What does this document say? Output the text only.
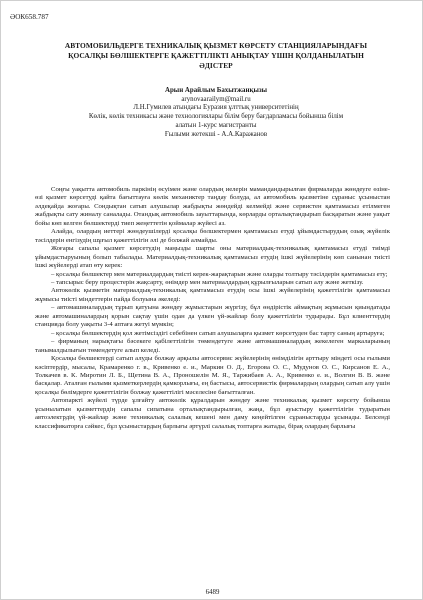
ӘОК658.787
АВТОМОБИЛЬДЕРГЕ ТЕХНИКАЛЫҚ ҚЫЗМЕТ КӨРСЕТУ СТАНЦИЯЛАРЫНДАҒЫ ҚОСАЛҚЫ БӨЛШЕКТЕРГЕ ҚАЖЕТТІЛІКТІ АНЫҚТАУ ҮШІН ҚОЛДАНЫЛАТЫН ӘДІСТЕР
Арын Арайлым Бахытжанқызы
arynovaarailym@mail.ru
Л.Н.Гумилев атындағы Еуразия ұлттық университетінің
Көлік, көлік техникасы және технологиялары білім беру бағдарламасы бойынша білім
алатын 1-курс магистранты
Ғылыми жетекші - А.А.Каражанов

Соңғы уақытта автомобиль паркінің өсуімен және олардың иелерін мамандандырылған фирмаларда жөндеуге өзіне-өзі қызмет көрсетуді қайта бағыттауға көлік механиктер таңдау болуда, ал автомобиль қызметіне сұраныс ұсыныстан әлдеқайда жоғары. Сондықтан сатып алушылар жабдықты жөндейді келмейді және сервистен қамтамасыз етілмеген жабдықты сату жиналу саналады. Отандық автомобиль зауыттарында, көрларды орталықтандырып басқаратын және уақыт бойы көп келген бөлшектерді тиеп жеңеттетін қоймалар жүйесі аз.

Алайда, олардың иеттері жөндеушілерді қосалқы бөлшектермен қамтамасыз етуді ұйымдастырудың озық жүйелік тәсілдерін енгізудің шұғыл қажеттілігін әлі де болжай алмайды.

Жоғары сапалы қызмет көрсетудің маңызды шарты оны материалдық-техникалық қамтамасыз етуді тиімді ұйымдастыруының болып табылады. Материалдық-техникалық қамтамасыз етудің ішкі жүйелерінің көп санынан тиісті ішкі жүйелерді атап өту керек:

– қосалқы бөлшектер мен материалдардың тиісті керек-жарақтарын және оларды толтыру тәсілдерін қамтамасыз ету;

– тапсырыс беру процестерін жақсарту, өнімдер мен материалдардың құрылғыларын сатып алу және жеткізу.

Автокөлік қызметін материалдық-техникалық қамтамасыз етудің осы ішкі жүйелерінің қажеттілігін қамтамасыз жұмысы тиісті міндеттерін пайда болуына әкеледі:

– автомашиналардың тұрып қатуына жөндеу жұмыстарын жүргізу, бұл өндірістік аймақтың жұмысын қиындатады және автомашиналардың қорын сақтау үшін одан да үлкен үй-жайлар болу қажеттілігін тудырады. Бұл клиенттердің станцияда болу уақыты 3-4 аптаға жетуі мүмкін;

– қосалқы бөлшектердің қол жетімсіздігі себебінен сатып алушыларға қызмет көрсетуден бас тарту саның артыруға;

– фирманың нарықтағы бәсекеге қабілеттілігін төмендетуге және автомашиналардың жекелеген маркаларының танымалдылығын төмендетуге алып келеді.

Қосалқы бөлшектерді сатып алуды болжау арқылы автосервис жүйелерінің өнімділігін арттыру міндеті осы ғылыми кәсіптердір, мысалы, Крамаренко г. в., Кривенко е. и., Маркин О. Д., Егорова О. С., Мудунов О. С., Кирсанов Е. А., Толкачев в. К. Миротин Л. Б., Щетина В. А., Проношелін М. Я., Таржибаев А. А., Кривенко е. и., Волгин В. В. және басқалар. Аталған ғылыми қызметкерлердің қамкорлығы, ең бастысы, автосервистік фирмалардың олардың сатып алу үшін қосалқы бөлімдерге қажеттілігін болжау қажеттілігі мәселесіне бағытталған.

Автопаркті жүйелі түрде ұлғайту автокөлік құралдарын жөндеу және техникалық қызмет көрсету бойынша ұсынылатын қызметтердің сапалы сипатына орталықтандырылған, жаңа, бұл ауыстыру қажеттілігін тудыратын автоэлектрдің үй-жайлар және техникалық салалық кешені мен даму кеңейтілген сұраныстарды ұсынады. Белсенді классификаторға сәйкес, бұл ұсыныстардың барлығы әртүрлі салалық топтарға жатады, бірақ олардың барлығы

6489
